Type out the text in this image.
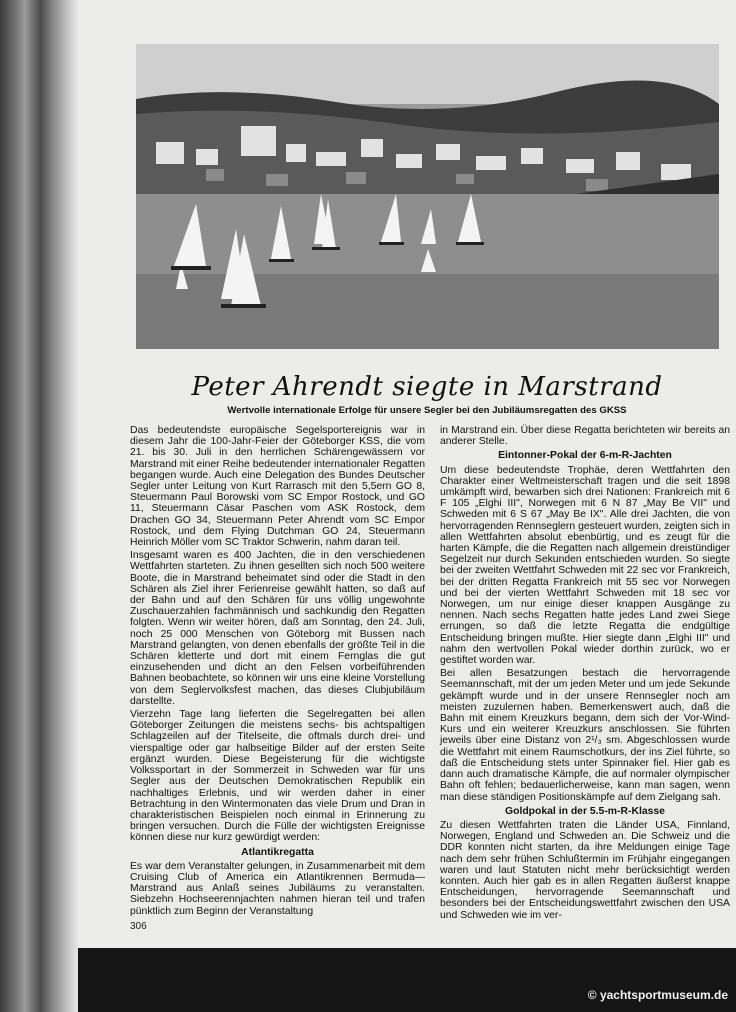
Peter Ahrendt siegte in Marstrand
Wertvolle internationale Erfolge für unsere Segler bei den Jubiläumsregatten des GKSS

Das bedeutendste europäische Segelsportereignis war in diesem Jahr die 100-Jahr-Feier der Göteborger KSS, die vom 21. bis 30. Juli in den herrlichen Schärengewässern vor Marstrand mit einer Reihe bedeutender internationaler Regatten begangen wurde. Auch eine Delegation des Bundes Deutscher Segler unter Leitung von Kurt Rarrasch mit den 5,5ern GO 8, Steuermann Paul Borowski vom SC Empor Rostock, und GO 11, Steuermann Cäsar Paschen vom ASK Rostock, dem Drachen GO 34, Steuermann Peter Ahrendt vom SC Empor Rostock, und dem Flying Dutchman GO 24, Steuermann Heinrich Möller vom SC Traktor Schwerin, nahm daran teil.

Insgesamt waren es 400 Jachten, die in den verschiedenen Wettfahrten starteten. Zu ihnen gesellten sich noch 500 weitere Boote, die in Marstrand beheimatet sind oder die Stadt in den Schären als Ziel ihrer Ferienreise gewählt hatten, so daß auf der Bahn und auf den Schären für uns völlig ungewohnte Zuschauerzahlen fachmännisch und sachkundig den Regatten folgten. Wenn wir weiter hören, daß am Sonntag, den 24. Juli, noch 25 000 Menschen von Göteborg mit Bussen nach Marstrand gelangten, von denen ebenfalls der größte Teil in die Schären kletterte und dort mit einem Fernglas die gut einzusehenden und dicht an den Felsen vorbeiführenden Bahnen beobachtete, so können wir uns eine kleine Vorstellung von dem Seglervolksfest machen, das dieses Clubjubiläum darstellte.

Vierzehn Tage lang lieferten die Segelregatten bei allen Göteborger Zeitungen die meistens sechs- bis achtspaltigen Schlagzeilen auf der Titelseite, die oftmals durch drei- und vierspaltige oder gar halbseitige Bilder auf der ersten Seite ergänzt wurden. Diese Begeisterung für die wichtigste Volkssportart in der Sommerzeit in Schweden war für uns Segler aus der Deutschen Demokratischen Republik ein nachhaltiges Erlebnis, und wir werden daher in einer Betrachtung in den Wintermonaten das viele Drum und Dran in charakteristischen Beispielen noch einmal in Erinnerung zu bringen versuchen. Durch die Fülle der wichtigsten Ereignisse können diese nur kurz gewürdigt werden:

Atlantikregatta

Es war dem Veranstalter gelungen, in Zusammenarbeit mit dem Cruising Club of America ein Atlantikrennen Bermuda—Marstrand aus Anlaß seines Jubiläums zu veranstalten. Siebzehn Hochseerennjachten nahmen hieran teil und trafen pünktlich zum Beginn der Veranstaltung

in Marstrand ein. Über diese Regatta berichteten wir bereits an anderer Stelle.

Eintonner-Pokal der 6-m-R-Jachten

Um diese bedeutendste Trophäe, deren Wettfahrten den Charakter einer Weltmeisterschaft tragen und die seit 1898 umkämpft wird, bewarben sich drei Nationen: Frankreich mit 6 F 105 „Elghi III", Norwegen mit 6 N 87 „May Be VII" und Schweden mit 6 S 67 „May Be IX". Alle drei Jachten, die von hervorragenden Rennseglern gesteuert wurden, zeigten sich in allen Wettfahrten absolut ebenbürtig, und es zeugt für die harten Kämpfe, die die Regatten nach allgemein dreistündiger Segelzeit nur durch Sekunden entschieden wurden. So siegte bei der zweiten Wettfahrt Schweden mit 22 sec vor Frankreich, bei der dritten Regatta Frankreich mit 55 sec vor Norwegen und bei der vierten Wettfahrt Schweden mit 18 sec vor Norwegen, um nur einige dieser knappen Ausgänge zu nennen. Nach sechs Regatten hatte jedes Land zwei Siege errungen, so daß die letzte Regatta die endgültige Entscheidung bringen mußte. Hier siegte dann „Elghi III" und nahm den wertvollen Pokal wieder dorthin zurück, wo er gestiftet worden war.

Bei allen Besatzungen bestach die hervorragende Seemannschaft, mit der um jeden Meter und um jede Sekunde gekämpft wurde und in der unsere Rennsegler noch am meisten zuzulernen haben. Bemerkenswert auch, daß die Bahn mit einem Kreuzkurs begann, dem sich der Vor-Wind-Kurs und ein weiterer Kreuzkurs anschlossen. Sie führten jeweils über eine Distanz von 2¹/₃ sm. Abgeschlossen wurde die Wettfahrt mit einem Raumschotkurs, der ins Ziel führte, so daß die Entscheidung stets unter Spinnaker fiel. Hier gab es dann auch dramatische Kämpfe, die auf normaler olympischer Bahn oft fehlen; bedauerlicherweise, kann man sagen, wenn man diese ständigen Positionskämpfe auf dem Zielgang sah.

Goldpokal in der 5.5-m-R-Klasse

Zu diesen Wettfahrten traten die Länder USA, Finnland, Norwegen, England und Schweden an. Die Schweiz und die DDR konnten nicht starten, da ihre Meldungen einige Tage nach dem sehr frühen Schlußtermin im Frühjahr eingegangen waren und laut Statuten nicht mehr berücksichtigt werden konnten. Auch hier gab es in allen Regatten äußerst knappe Entscheidungen, hervorragende Seemannschaft und besonders bei der Entscheidungswettfahrt zwischen den USA und Schweden wie im ver-

306
© yachtsportmuseum.de
